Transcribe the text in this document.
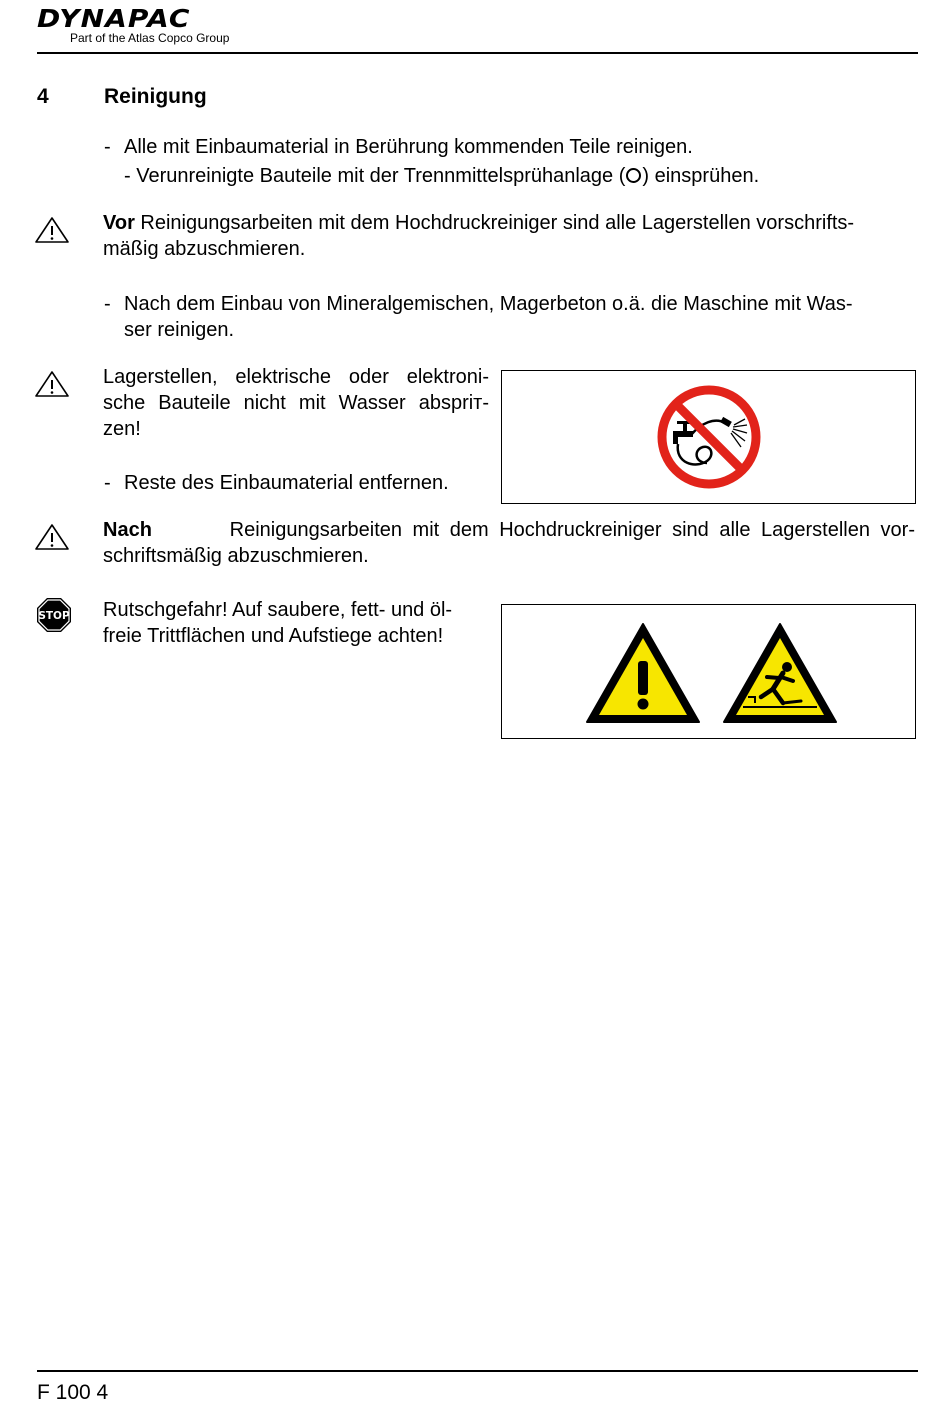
DYNAPAC
Part of the Atlas Copco Group
4	Reinigung
- Alle mit Einbaumaterial in Berührung kommenden Teile reinigen.
- Verunreinigte Bauteile mit der Trennmittelsprühanlage ( ) einsprühen.
Vor Reinigungsarbeiten mit dem Hochdruckreiniger sind alle Lagerstellen vorschrifts-
mäßig abzuschmieren.
- Nach dem Einbau von Mineralgemischen, Magerbeton o.ä. die Maschine mit Was-
ser reinigen.
Lagerstellen, elektrische oder elektroni-
sche Bauteile nicht mit Wasser abspriт-
zen!
- Reste des Einbaumaterial entfernen.
Nach	Reinigungsarbeiten mit dem Hochdruckreiniger sind alle Lagerstellen vor-
schriftsmäßig abzuschmieren.
STOP Rutschgefahr! Auf saubere, fett- und öl-
freie Trittflächen und Aufstiege achten!
F 100 4
